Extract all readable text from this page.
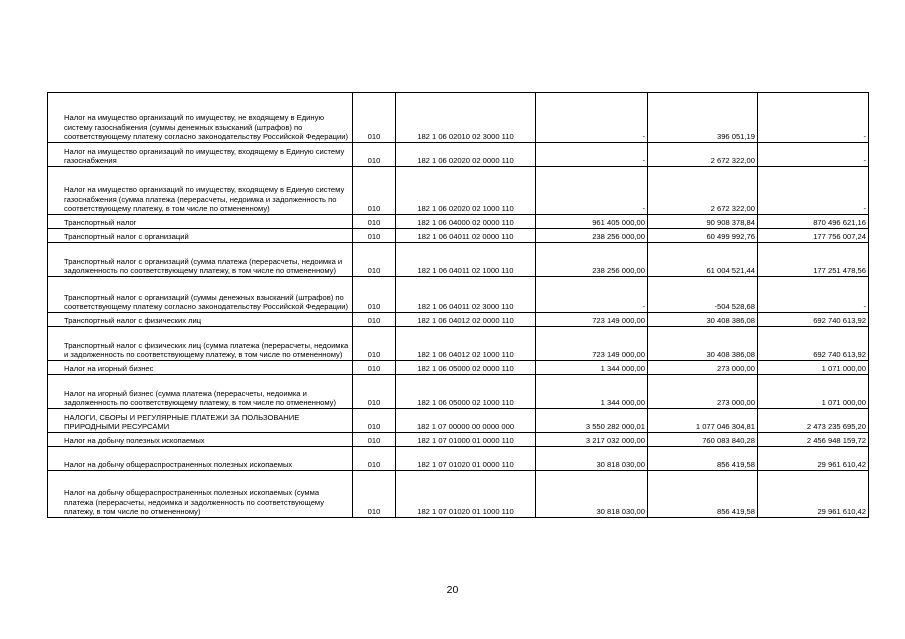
Налог на имущество организаций по имуществу, не входящему в Единую систему газоснабжения (суммы денежных взысканий (штрафов) по соответствующему платежу согласно законодательству Российской Федерации)	010	182 1 06 02010 02 3000 110	-	396 051,19	-
Налог на имущество организаций по имуществу, входящему в Единую систему газоснабжения	010	182 1 06 02020 02 0000 110	-	2 672 322,00	-
Налог на имущество организаций по имуществу, входящему в Единую систему газоснабжения (сумма платежа (перерасчеты, недоимка и задолженность по соответствующему платежу, в том числе по отмененному)	010	182 1 06 02020 02 1000 110	-	2 672 322,00	-
Транспортный налог	010	182 1 06 04000 02 0000 110	961 405 000,00	90 908 378,84	870 496 621,16
Транспортный налог с организаций	010	182 1 06 04011 02 0000 110	238 256 000,00	60 499 992,76	177 756 007,24
Транспортный налог с организаций (сумма платежа (перерасчеты, недоимка и задолженность по соответствующему платежу, в том числе по отмененному)	010	182 1 06 04011 02 1000 110	238 256 000,00	61 004 521,44	177 251 478,56
Транспортный налог с организаций (суммы денежных взысканий (штрафов) по соответствующему платежу согласно законодательству Российской Федерации)	010	182 1 06 04011 02 3000 110	-	-504 528,68	-
Транспортный налог с физических лиц	010	182 1 06 04012 02 0000 110	723 149 000,00	30 408 386,08	692 740 613,92
Транспортный налог с физических лиц (сумма платежа (перерасчеты, недоимка и задолженность по соответствующему платежу, в том числе по отмененному)	010	182 1 06 04012 02 1000 110	723 149 000,00	30 408 386,08	692 740 613,92
Налог на игорный бизнес	010	182 1 06 05000 02 0000 110	1 344 000,00	273 000,00	1 071 000,00
Налог на игорный бизнес (сумма платежа (перерасчеты, недоимка и задолженность по соответствующему платежу, в том числе по отмененному)	010	182 1 06 05000 02 1000 110	1 344 000,00	273 000,00	1 071 000,00
НАЛОГИ, СБОРЫ И РЕГУЛЯРНЫЕ ПЛАТЕЖИ ЗА ПОЛЬЗОВАНИЕ ПРИРОДНЫМИ РЕСУРСАМИ	010	182 1 07 00000 00 0000 000	3 550 282 000,01	1 077 046 304,81	2 473 235 695,20
Налог на добычу полезных ископаемых	010	182 1 07 01000 01 0000 110	3 217 032 000,00	760 083 840,28	2 456 948 159,72
Налог на добычу общераспространенных полезных ископаемых	010	182 1 07 01020 01 0000 110	30 818 030,00	856 419,58	29 961 610,42
Налог на добычу общераспространенных полезных ископаемых (сумма платежа (перерасчеты, недоимка и задолженность по соответствующему платежу, в том числе по отмененному)	010	182 1 07 01020 01 1000 110	30 818 030,00	856 419,58	29 961 610,42
20
